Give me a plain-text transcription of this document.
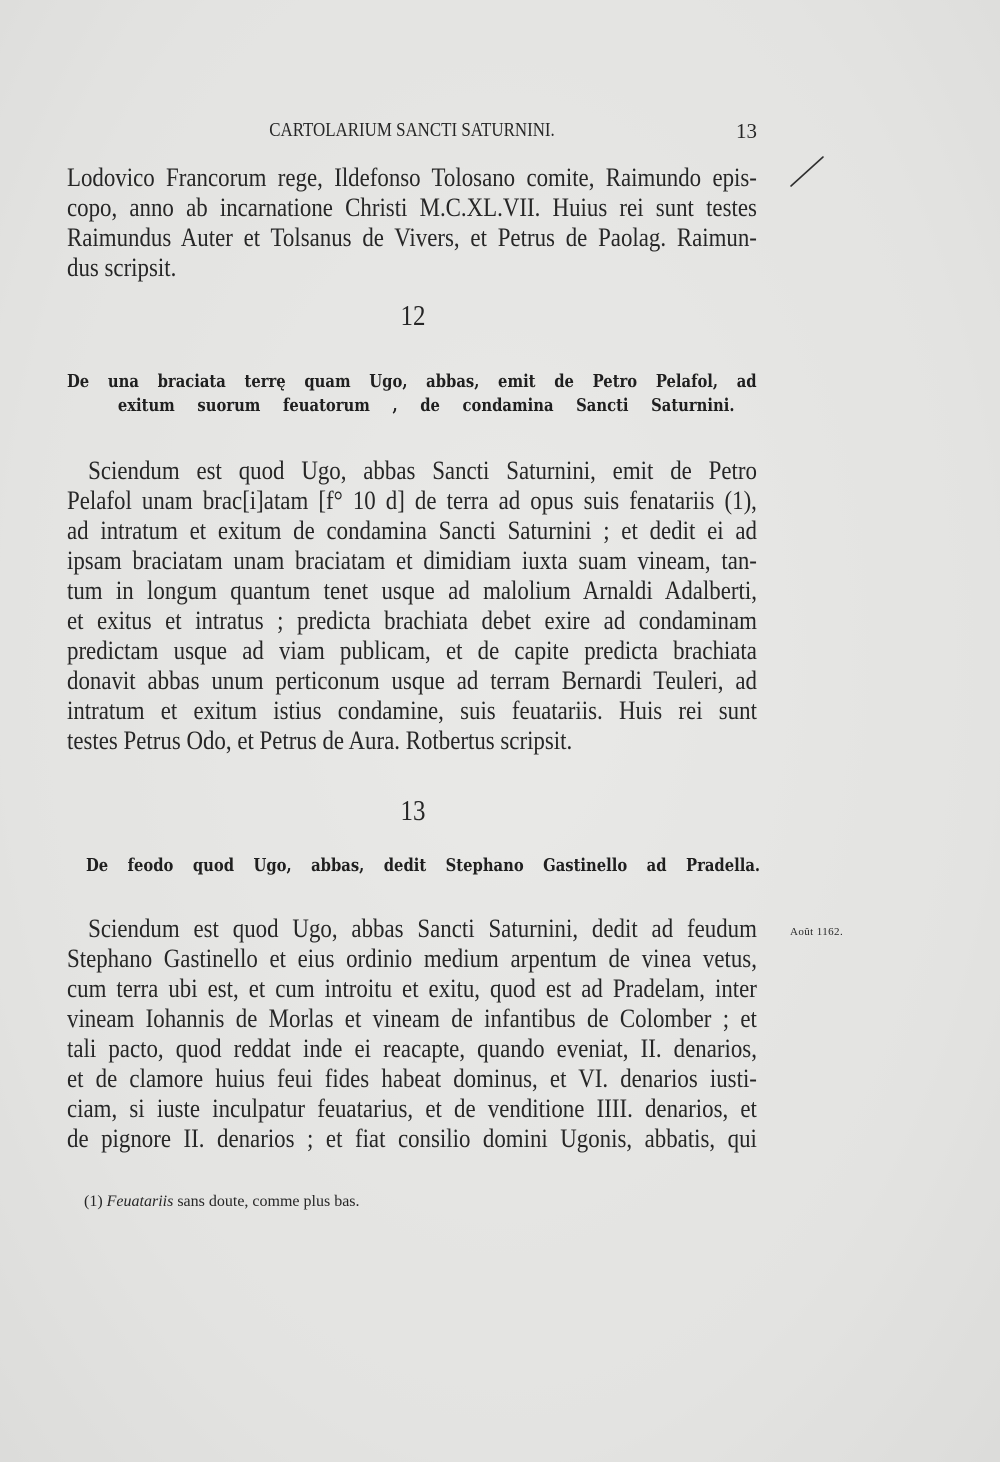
CARTOLARIUM SANCTI SATURNINI.	13
Lodovico Francorum rege, Ildefonso Tolosano comite, Raimundo epis-
copo, anno ab incarnatione Christi M.C.XL.VII. Huius rei sunt testes
Raimundus Auter et Tolsanus de Vivers, et Petrus de Paolag. Raimun-
dus scripsit.
12
De una braciata terrę quam Ugo, abbas, emit de Petro Pelafol, ad
exitum suorum feuatorum , de condamina Sancti Saturnini.
Sciendum est quod Ugo, abbas Sancti Saturnini, emit de Petro
Pelafol unam brac[i]atam [f° 10 d] de terra ad opus suis fenatariis (1),
ad intratum et exitum de condamina Sancti Saturnini ; et dedit ei ad
ipsam braciatam unam braciatam et dimidiam iuxta suam vineam, tan-
tum in longum quantum tenet usque ad malolium Arnaldi Adalberti,
et exitus et intratus ; predicta brachiata debet exire ad condaminam
predictam usque ad viam publicam, et de capite predicta brachiata
donavit abbas unum perticonum usque ad terram Bernardi Teuleri, ad
intratum et exitum istius condamine, suis feuatariis. Huis rei sunt
testes Petrus Odo, et Petrus de Aura. Rotbertus scripsit.
13
De feodo quod Ugo, abbas, dedit Stephano Gastinello ad Pradella.
Août 1162.
Sciendum est quod Ugo, abbas Sancti Saturnini, dedit ad feudum
Stephano Gastinello et eius ordinio medium arpentum de vinea vetus,
cum terra ubi est, et cum introitu et exitu, quod est ad Pradelam, inter
vineam Iohannis de Morlas et vineam de infantibus de Colomber ; et
tali pacto, quod reddat inde ei reacapte, quando eveniat, II. denarios,
et de clamore huius feui fides habeat dominus, et VI. denarios iusti-
ciam, si iuste inculpatur feuatarius, et de venditione IIII. denarios, et
de pignore II. denarios ; et fiat consilio domini Ugonis, abbatis, qui
(1) Feuatariis sans doute, comme plus bas.
